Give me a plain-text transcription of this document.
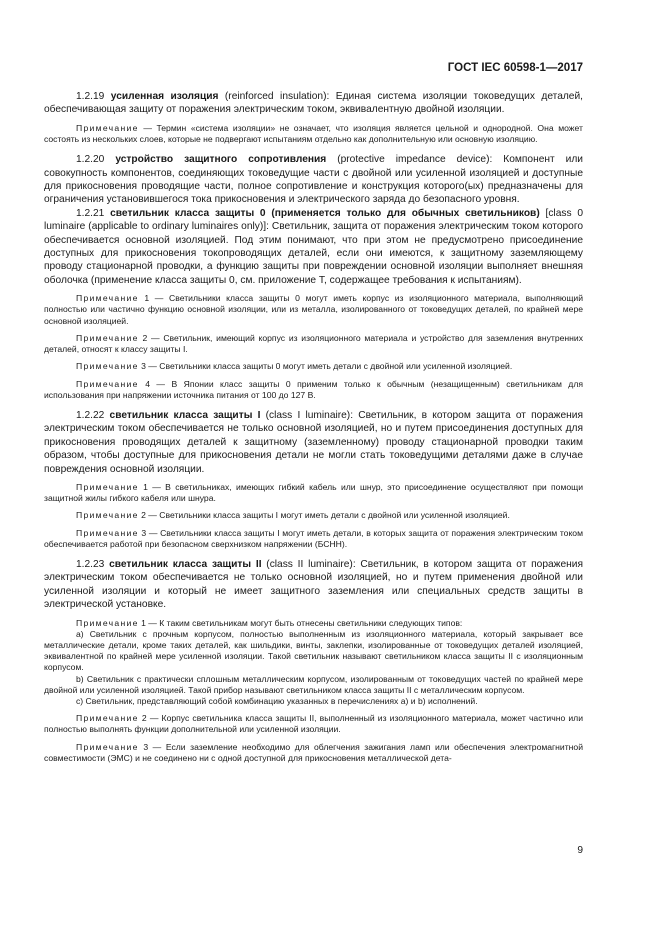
ГОСТ IEC 60598-1—2017

1.2.19 усиленная изоляция (reinforced insulation): Единая система изоляции токоведущих деталей, обеспечивающая защиту от поражения электрическим током, эквивалентную двойной изоляции.

Примечание — Термин «система изоляции» не означает, что изоляция является цельной и однородной. Она может состоять из нескольких слоев, которые не подвергают испытаниям отдельно как дополнительную или основную изоляцию.

1.2.20 устройство защитного сопротивления (protective impedance device): Компонент или совокупность компонентов, соединяющих токоведущие части с двойной или усиленной изоляцией и доступные для прикосновения проводящие части, полное сопротивление и конструкция которого(ых) предназначены для ограничения установившегося тока прикосновения и электрического заряда до безопасного уровня.

1.2.21 светильник класса защиты 0 (применяется только для обычных светильников) [class 0 luminaire (applicable to ordinary luminaires only)]: Светильник, защита от поражения электрическим током которого обеспечивается основной изоляцией. Под этим понимают, что при этом не предусмотрено присоединение доступных для прикосновения токопроводящих деталей, если они имеются, к защитному заземляющему проводу стационарной проводки, а функцию защиты при повреждении основной изоляции выполняет внешняя оболочка (применение класса защиты 0, см. приложение Т, содержащее требования к испытаниям).

Примечание 1 — Светильники класса защиты 0 могут иметь корпус из изоляционного материала, выполняющий полностью или частично функцию основной изоляции, или из металла, изолированного от токоведущих деталей, по крайней мере основной изоляцией.

Примечание 2 — Светильник, имеющий корпус из изоляционного материала и устройство для заземления внутренних деталей, относят к классу защиты I.

Примечание 3 — Светильники класса защиты 0 могут иметь детали с двойной или усиленной изоляцией.

Примечание 4 — В Японии класс защиты 0 применим только к обычным (незащищенным) светильникам для использования при напряжении источника питания от 100 до 127 В.

1.2.22 светильник класса защиты I (class I luminaire): Светильник, в котором защита от поражения электрическим током обеспечивается не только основной изоляцией, но и путем присоединения доступных для прикосновения проводящих деталей к защитному (заземленному) проводу стационарной проводки таким образом, чтобы доступные для прикосновения детали не могли стать токоведущими деталями даже в случае повреждения основной изоляции.

Примечание 1 — В светильниках, имеющих гибкий кабель или шнур, это присоединение осуществляют при помощи защитной жилы гибкого кабеля или шнура.

Примечание 2 — Светильники класса защиты I могут иметь детали с двойной или усиленной изоляцией.

Примечание 3 — Светильники класса защиты I могут иметь детали, в которых защита от поражения электрическим током обеспечивается работой при безопасном сверхнизком напряжении (БСНН).

1.2.23 светильник класса защиты II (class II luminaire): Светильник, в котором защита от поражения электрическим током обеспечивается не только основной изоляцией, но и путем применения двойной или усиленной изоляции и который не имеет защитного заземления или специальных средств защиты в электрической установке.

Примечание 1 — К таким светильникам могут быть отнесены светильники следующих типов:

а) Светильник с прочным корпусом, полностью выполненным из изоляционного материала, который закрывает все металлические детали, кроме таких деталей, как шильдики, винты, заклепки, изолированные от токоведущих деталей изоляцией, эквивалентной по крайней мере усиленной изоляции. Такой светильник называют светильником класса защиты II с изоляционным корпусом.

b) Светильник с практически сплошным металлическим корпусом, изолированным от токоведущих частей по крайней мере двойной или усиленной изоляцией. Такой прибор называют светильником класса защиты II с металлическим корпусом.

c) Светильник, представляющий собой комбинацию указанных в перечислениях а) и b) исполнений.

Примечание 2 — Корпус светильника класса защиты II, выполненный из изоляционного материала, может частично или полностью выполнять функции дополнительной или усиленной изоляции.

Примечание 3 — Если заземление необходимо для облегчения зажигания ламп или обеспечения электромагнитной совместимости (ЭМС) и не соединено ни с одной доступной для прикосновения металлической дета-

9
